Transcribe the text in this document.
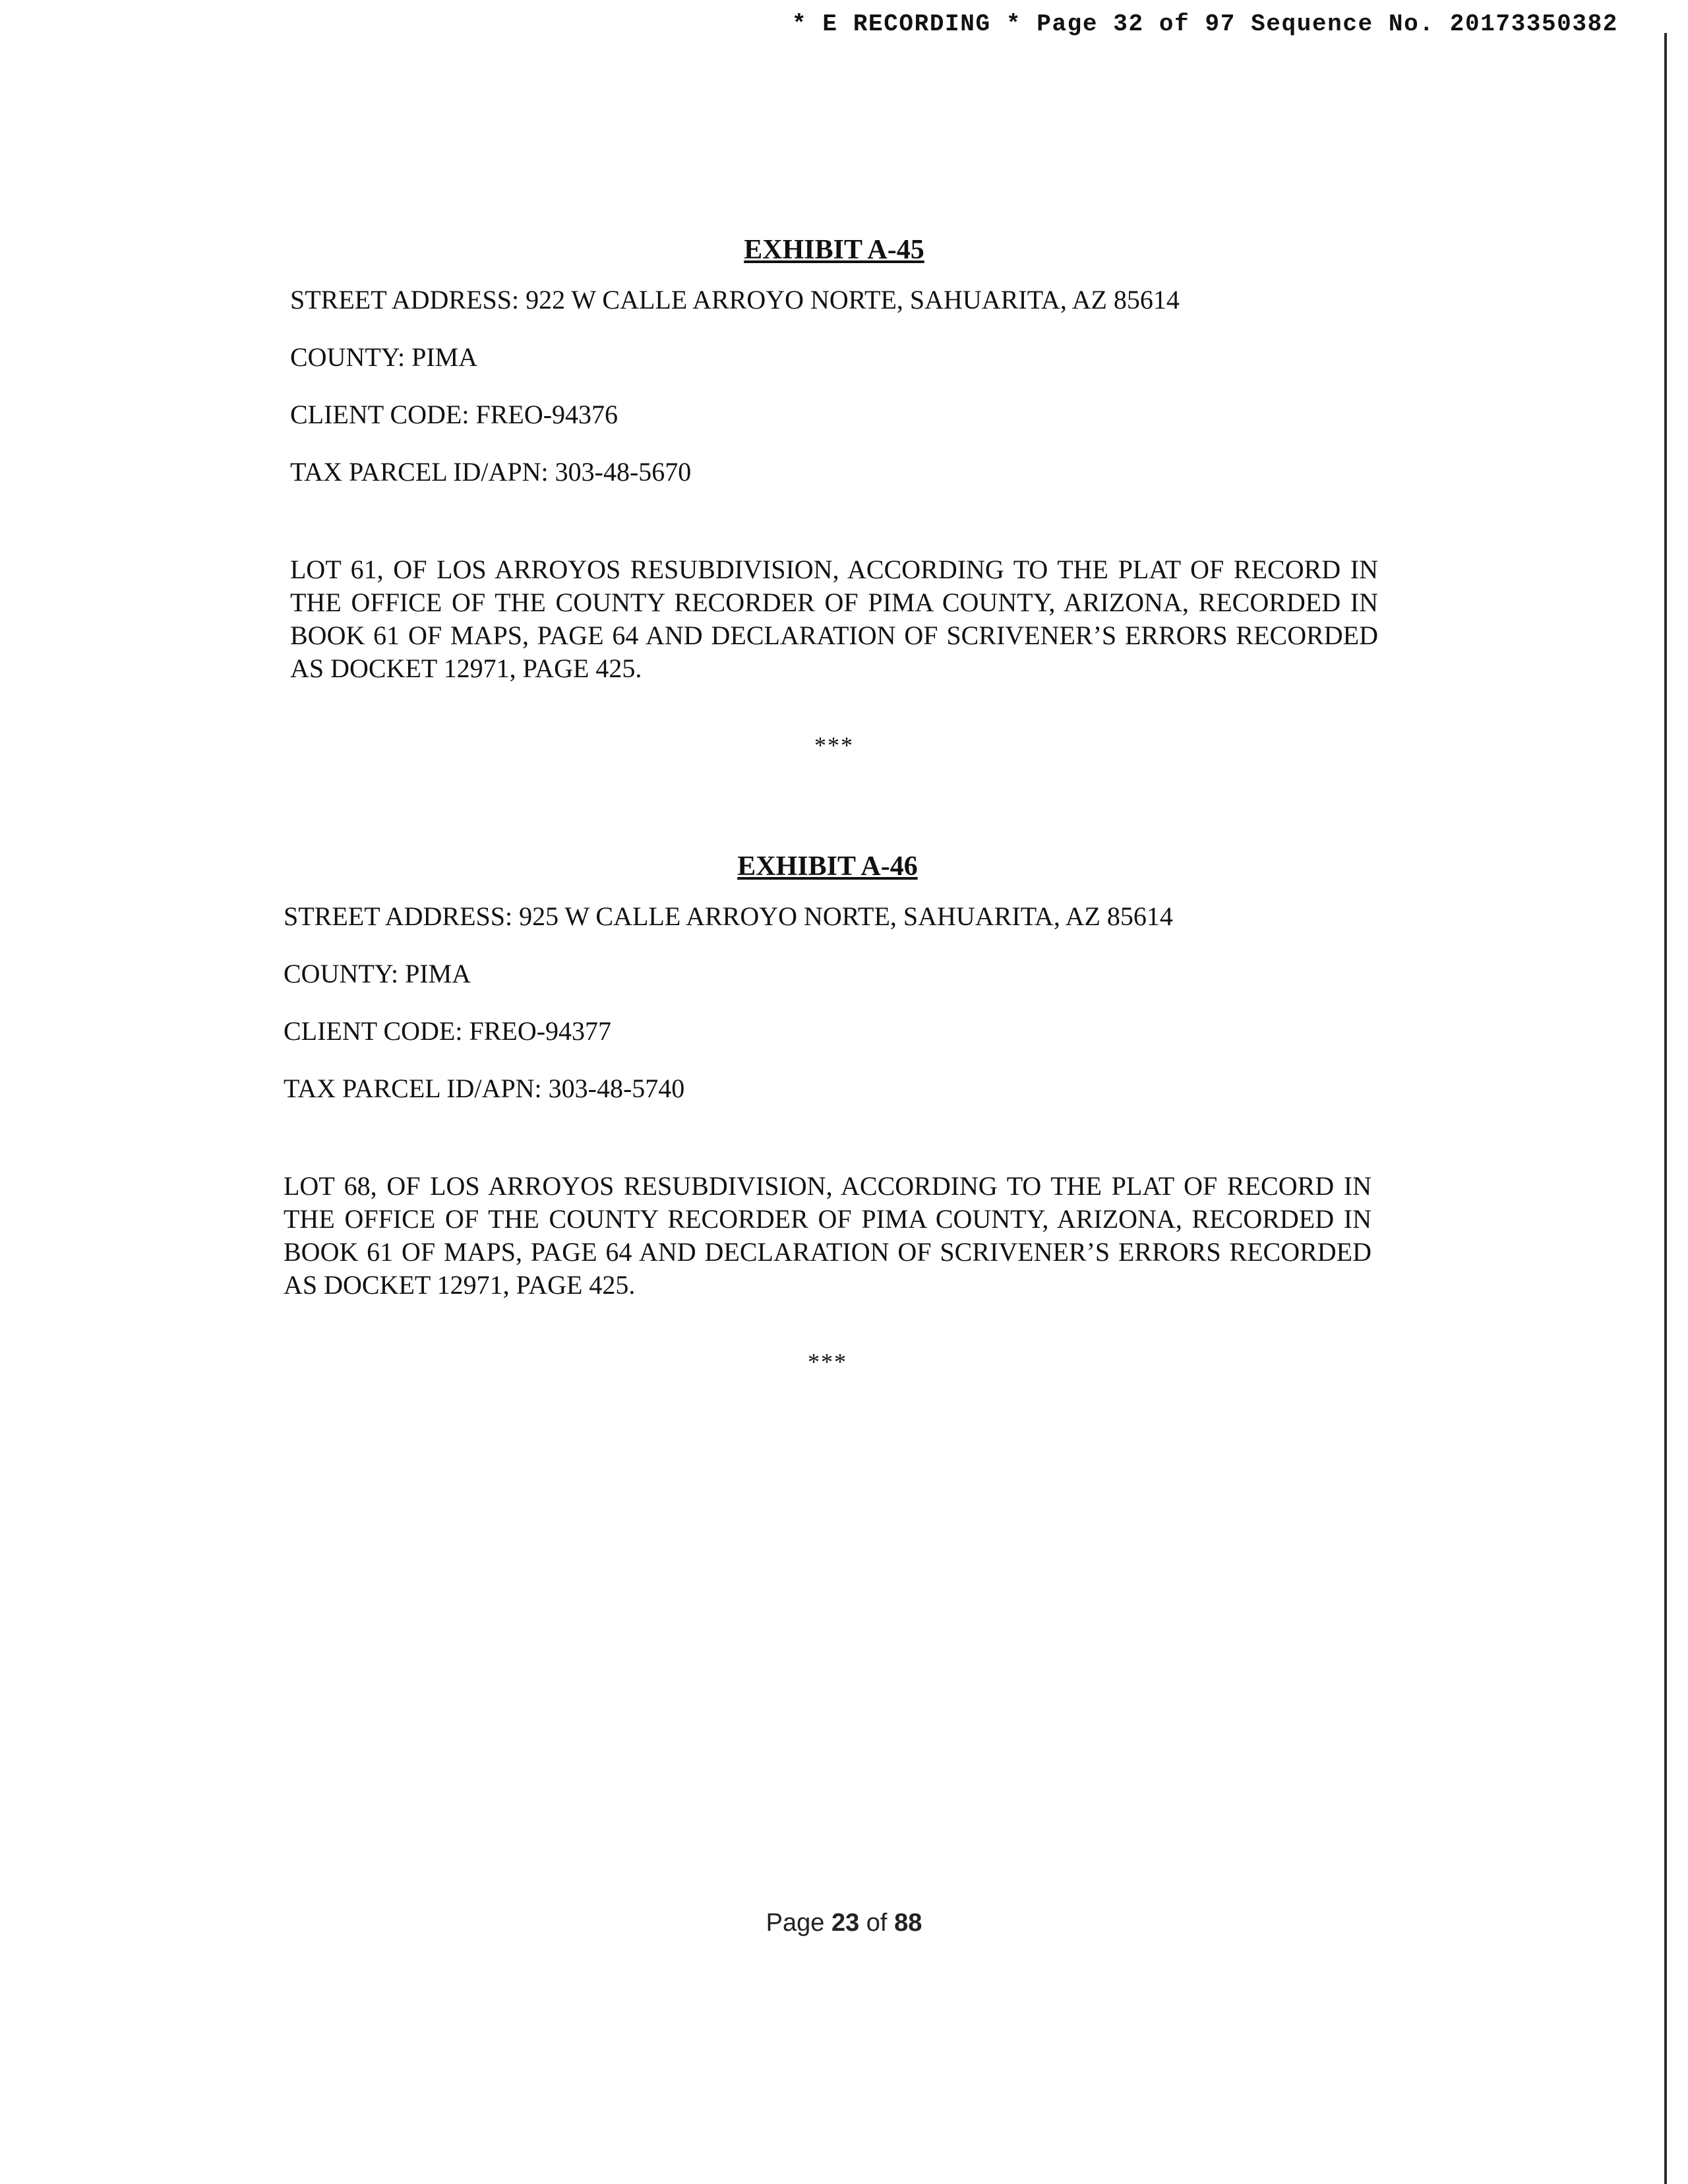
* E RECORDING * Page 32 of 97 Sequence No. 20173350382
EXHIBIT A-45
STREET ADDRESS: 922 W CALLE ARROYO NORTE, SAHUARITA, AZ 85614
COUNTY: PIMA
CLIENT CODE: FREO-94376
TAX PARCEL ID/APN: 303-48-5670
LOT 61, OF LOS ARROYOS RESUBDIVISION, ACCORDING TO THE PLAT OF RECORD IN THE OFFICE OF THE COUNTY RECORDER OF PIMA COUNTY, ARIZONA, RECORDED IN BOOK 61 OF MAPS, PAGE 64 AND DECLARATION OF SCRIVENER’S ERRORS RECORDED AS DOCKET 12971, PAGE 425.
***
EXHIBIT A-46
STREET ADDRESS: 925 W CALLE ARROYO NORTE, SAHUARITA, AZ 85614
COUNTY: PIMA
CLIENT CODE: FREO-94377
TAX PARCEL ID/APN: 303-48-5740
LOT 68, OF LOS ARROYOS RESUBDIVISION, ACCORDING TO THE PLAT OF RECORD IN THE OFFICE OF THE COUNTY RECORDER OF PIMA COUNTY, ARIZONA, RECORDED IN BOOK 61 OF MAPS, PAGE 64 AND DECLARATION OF SCRIVENER’S ERRORS RECORDED AS DOCKET 12971, PAGE 425.
***
Page 23 of 88
